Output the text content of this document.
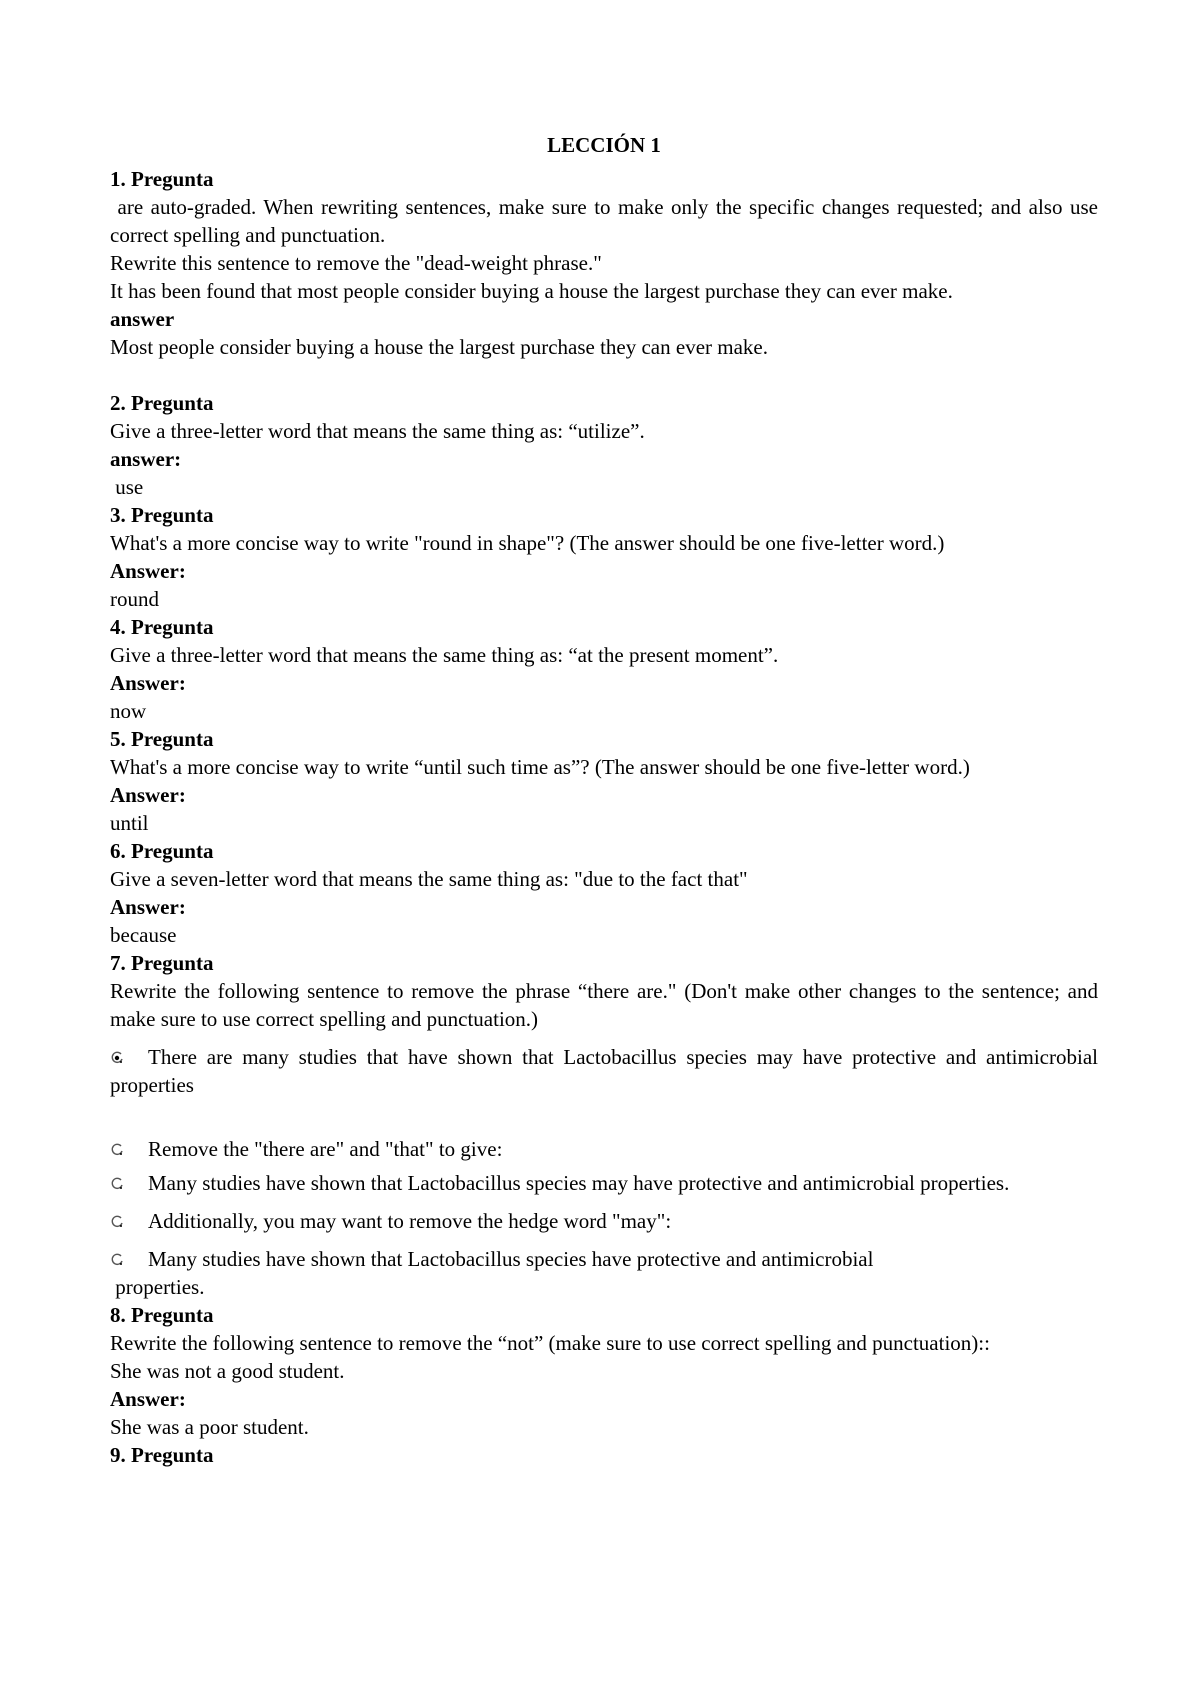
LECCIÓN 1

1. Pregunta

are auto-graded. When rewriting sentences, make sure to make only the specific changes requested; and also use correct spelling and punctuation.

Rewrite this sentence to remove the "dead-weight phrase."

It has been found that most people consider buying a house the largest purchase they can ever make.

answer

Most people consider buying a house the largest purchase they can ever make.

2. Pregunta

Give a three-letter word that means the same thing as: “utilize”.

answer:

use

3. Pregunta

What's a more concise way to write "round in shape"? (The answer should be one five-letter word.)

Answer:

round

4. Pregunta

Give a three-letter word that means the same thing as: “at the present moment”.

Answer:

now

5. Pregunta

What's a more concise way to write “until such time as”? (The answer should be one five-letter word.)

Answer:

until

6. Pregunta

Give a seven-letter word that means the same thing as: "due to the fact that"

Answer:

because

7. Pregunta

Rewrite the following sentence to remove the phrase “there are." (Don't make other changes to the sentence; and make sure to use correct spelling and punctuation.)

There are many studies that have shown that Lactobacillus species may have protective and antimicrobial properties
Remove the "there are" and "that" to give:
Many studies have shown that Lactobacillus species may have protective and antimicrobial properties.
Additionally, you may want to remove the hedge word "may":
Many studies have shown that Lactobacillus species have protective and antimicrobial

properties.

8. Pregunta

Rewrite the following sentence to remove the “not” (make sure to use correct spelling and punctuation)::

She was not a good student.

Answer:

She was a poor student.

9. Pregunta
